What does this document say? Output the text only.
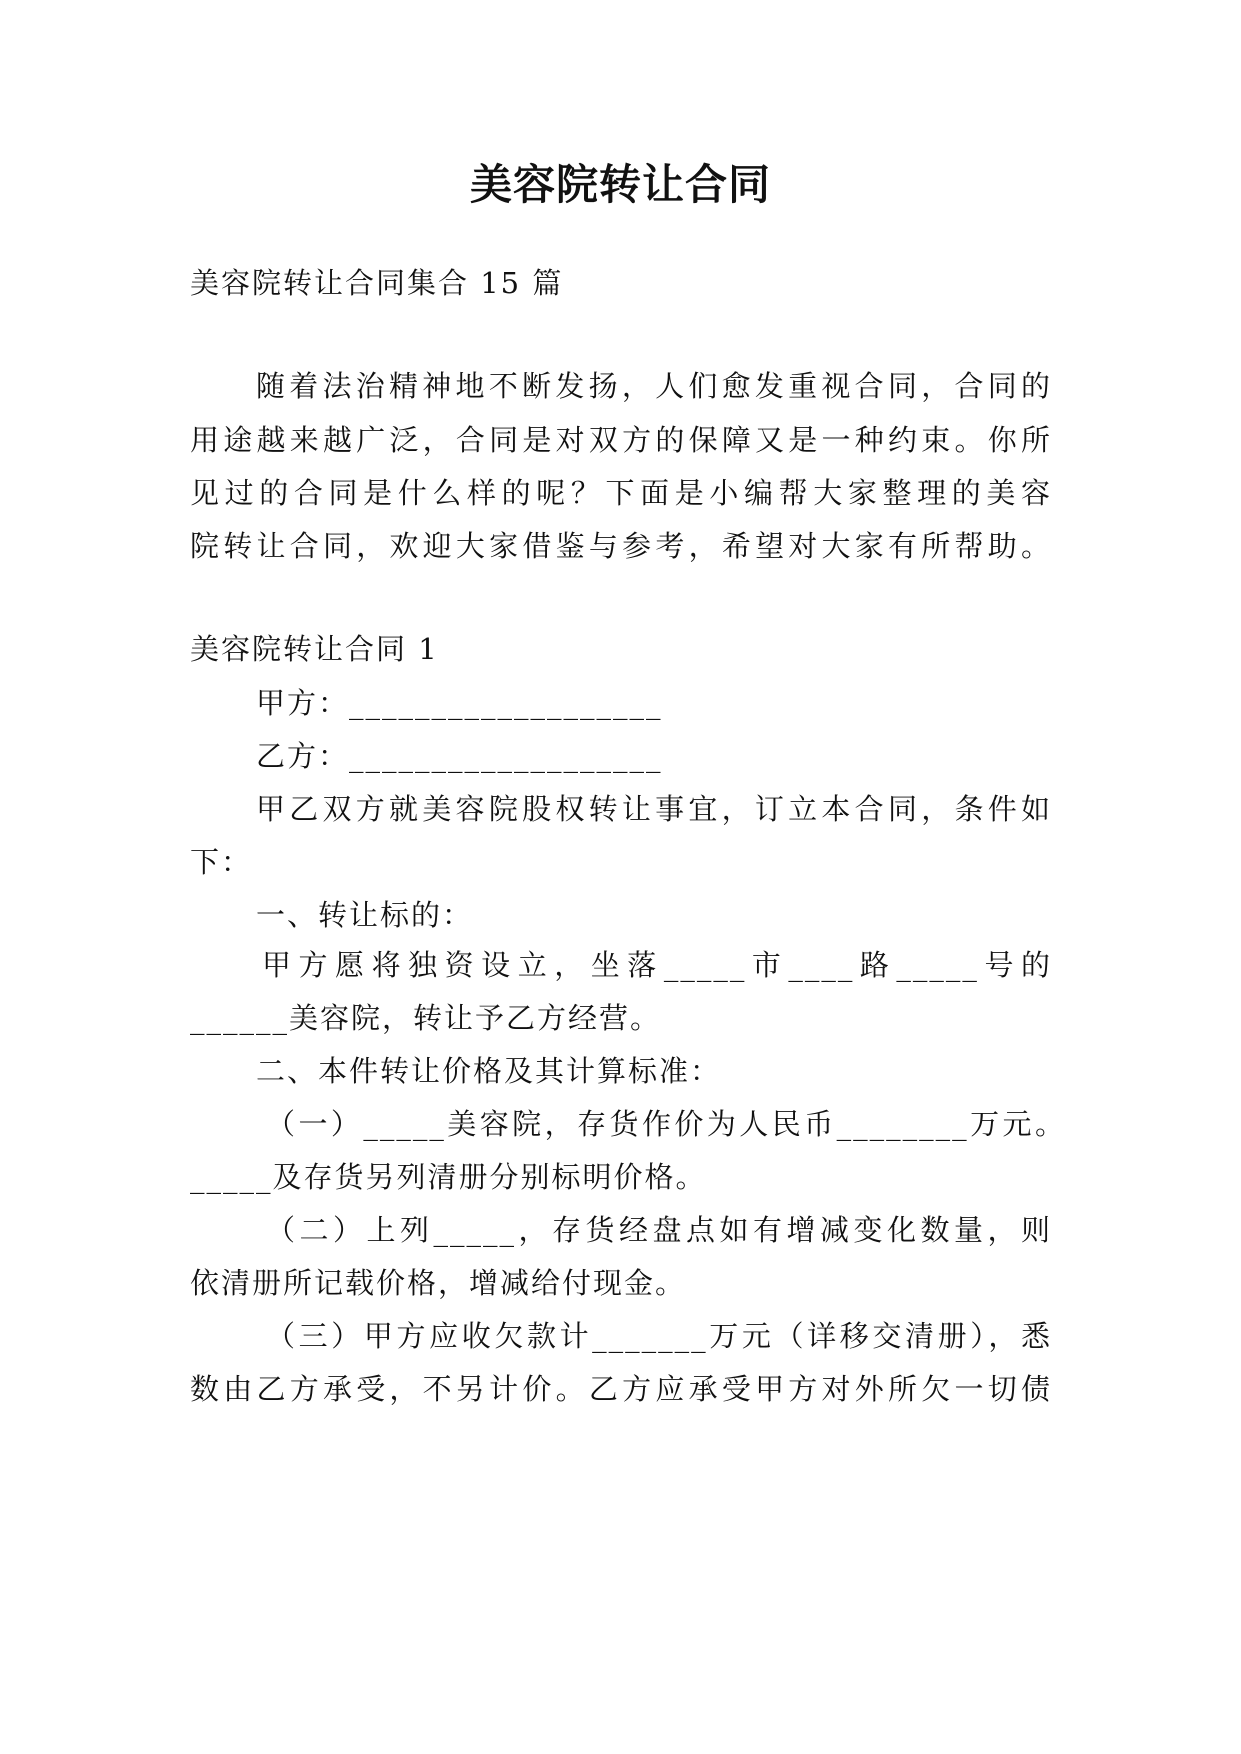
美容院转让合同
美容院转让合同集合 15 篇
随着法治精神地不断发扬，人们愈发重视合同，合同的
用途越来越广泛，合同是对双方的保障又是一种约束。你所
见过的合同是什么样的呢？下面是小编帮大家整理的美容
院转让合同，欢迎大家借鉴与参考，希望对大家有所帮助。
美容院转让合同 1
甲方：___________________
乙方：___________________
甲乙双方就美容院股权转让事宜，订立本合同，条件如
下：
一、转让标的：
甲方愿将独资设立，坐落_____市____路_____号的
______美容院，转让予乙方经营。
二、本件转让价格及其计算标准：
（一）_____美容院，存货作价为人民币________万元。
_____及存货另列清册分别标明价格。
（二）上列_____，存货经盘点如有增减变化数量，则
依清册所记载价格，增减给付现金。
（三）甲方应收欠款计_______万元（详移交清册），悉
数由乙方承受，不另计价。乙方应承受甲方对外所欠一切债
